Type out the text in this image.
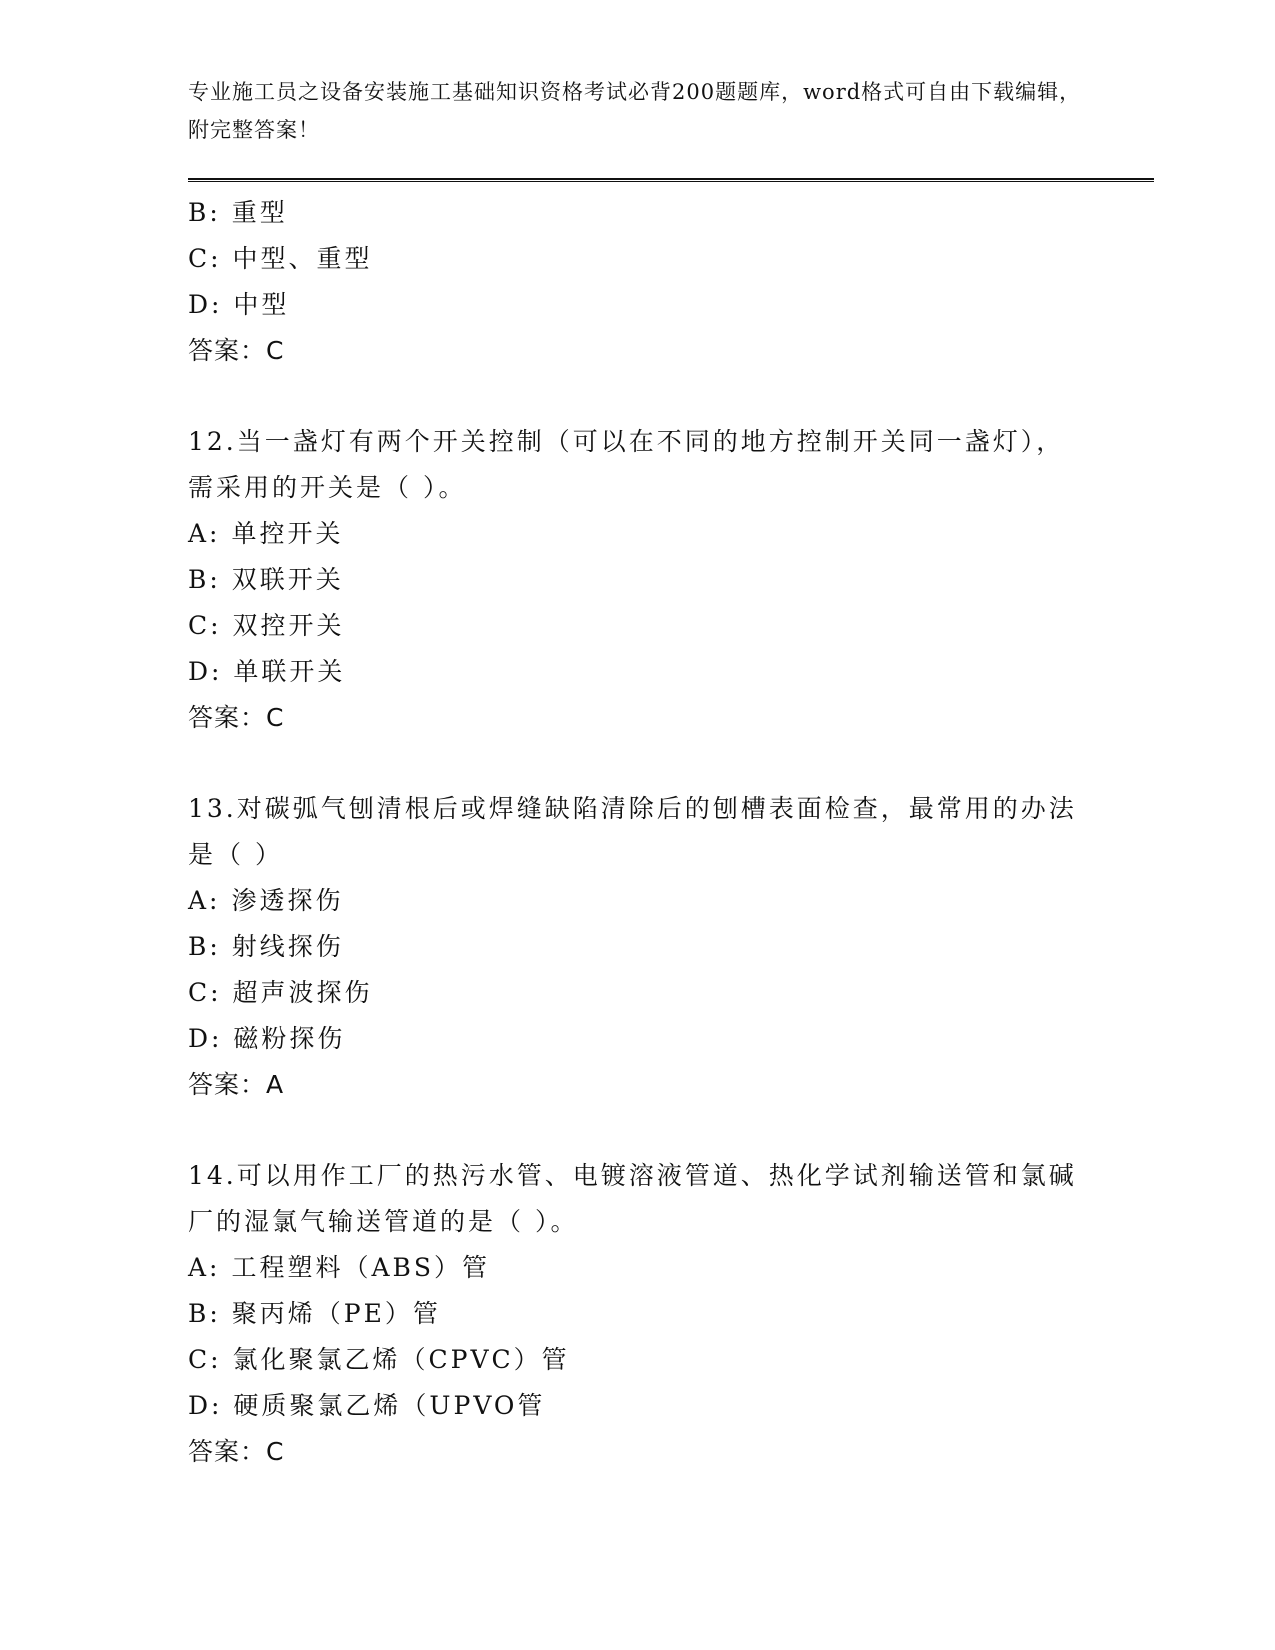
专业施工员之设备安装施工基础知识资格考试必背200题题库，word格式可自由下载编辑，附完整答案！
B: 重型
C: 中型、重型
D: 中型
答案：C
12.当一盏灯有两个开关控制（可以在不同的地方控制开关同一盏灯），需采用的开关是（ ）。
A: 单控开关
B: 双联开关
C: 双控开关
D: 单联开关
答案：C
13.对碳弧气刨清根后或焊缝缺陷清除后的刨槽表面检查，最常用的办法是（ ）
A: 渗透探伤
B: 射线探伤
C: 超声波探伤
D: 磁粉探伤
答案：A
14.可以用作工厂的热污水管、电镀溶液管道、热化学试剂输送管和氯碱厂的湿氯气输送管道的是（ ）。
A: 工程塑料（ABS）管
B: 聚丙烯（PE）管
C: 氯化聚氯乙烯（CPVC）管
D: 硬质聚氯乙烯（UPVO管
答案：C
